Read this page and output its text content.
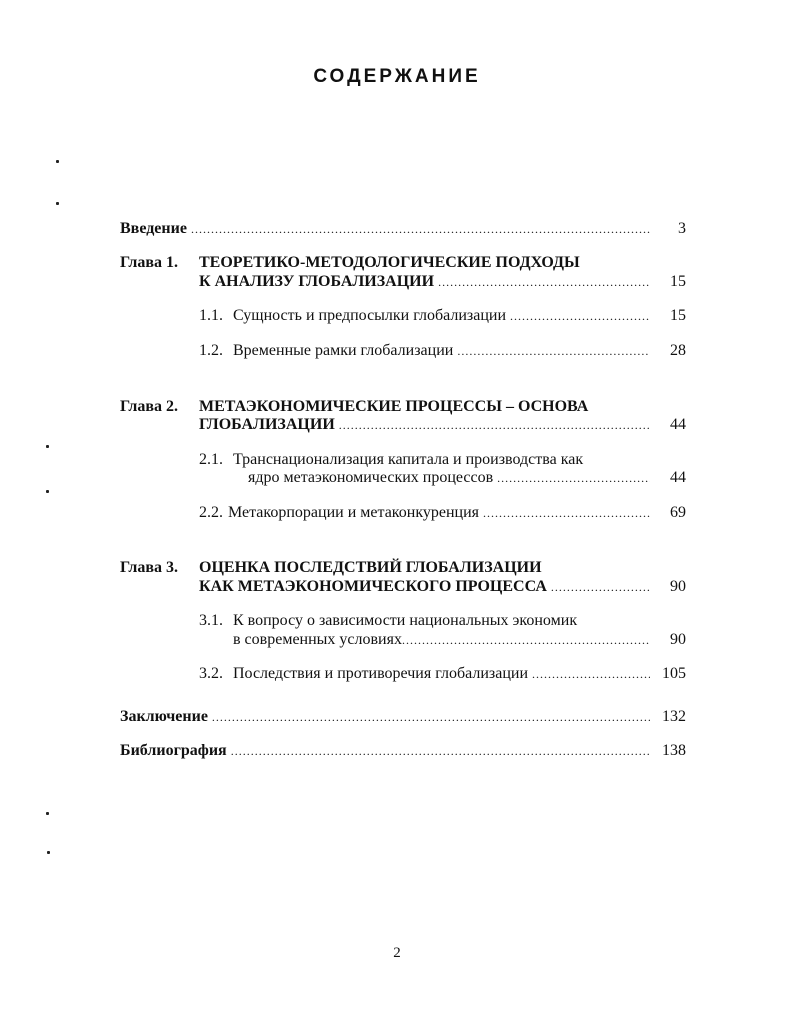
СОДЕРЖАНИЕ
Введение .....	3
Глава 1. ТЕОРЕТИКО-МЕТОДОЛОГИЧЕСКИЕ ПОДХОДЫ
К АНАЛИЗУ ГЛОБАЛИЗАЦИИ .....	15
1.1. Сущность и предпосылки глобализации .....	15
1.2. Временные рамки глобализации .....	28
Глава 2. МЕТАЭКОНОМИЧЕСКИЕ ПРОЦЕССЫ – ОСНОВА
ГЛОБАЛИЗАЦИИ .....	44
2.1. Транснационализация капитала и производства как
ядро метаэкономических процессов .....	44
2.2. Метакорпорации и метаконкуренция .....	69
Глава 3. ОЦЕНКА ПОСЛЕДСТВИЙ ГЛОБАЛИЗАЦИИ
КАК МЕТАЭКОНОМИЧЕСКОГО ПРОЦЕССА .....	90
3.1. К вопросу о зависимости национальных экономик
в современных условиях .....	90
3.2. Последствия и противоречия глобализации .....	105
Заключение .....	132
Библиография .....	138
2
